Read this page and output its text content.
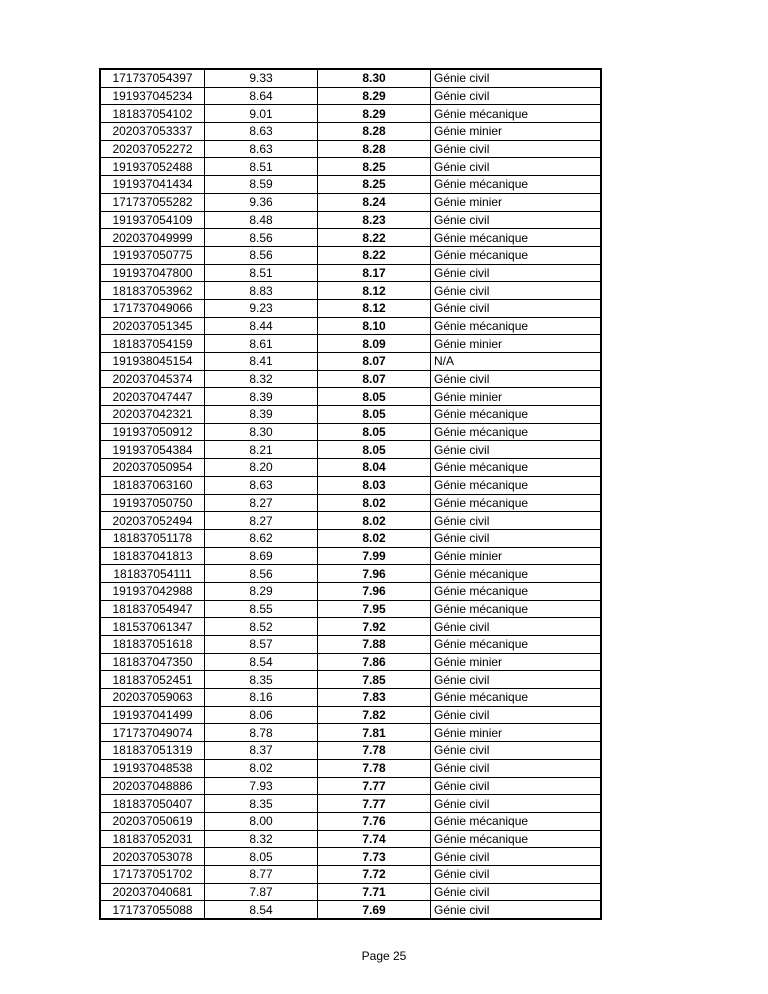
171737054397	9.33	8.30	Génie civil
191937045234	8.64	8.29	Génie civil
181837054102	9.01	8.29	Génie mécanique
202037053337	8.63	8.28	Génie minier
202037052272	8.63	8.28	Génie civil
191937052488	8.51	8.25	Génie civil
191937041434	8.59	8.25	Génie mécanique
171737055282	9.36	8.24	Génie minier
191937054109	8.48	8.23	Génie civil
202037049999	8.56	8.22	Génie mécanique
191937050775	8.56	8.22	Génie mécanique
191937047800	8.51	8.17	Génie civil
181837053962	8.83	8.12	Génie civil
171737049066	9.23	8.12	Génie civil
202037051345	8.44	8.10	Génie mécanique
181837054159	8.61	8.09	Génie minier
191938045154	8.41	8.07	N/A
202037045374	8.32	8.07	Génie civil
202037047447	8.39	8.05	Génie minier
202037042321	8.39	8.05	Génie mécanique
191937050912	8.30	8.05	Génie mécanique
191937054384	8.21	8.05	Génie civil
202037050954	8.20	8.04	Génie mécanique
181837063160	8.63	8.03	Génie mécanique
191937050750	8.27	8.02	Génie mécanique
202037052494	8.27	8.02	Génie civil
181837051178	8.62	8.02	Génie civil
181837041813	8.69	7.99	Génie minier
181837054111	8.56	7.96	Génie mécanique
191937042988	8.29	7.96	Génie mécanique
181837054947	8.55	7.95	Génie mécanique
181537061347	8.52	7.92	Génie civil
181837051618	8.57	7.88	Génie mécanique
181837047350	8.54	7.86	Génie minier
181837052451	8.35	7.85	Génie civil
202037059063	8.16	7.83	Génie mécanique
191937041499	8.06	7.82	Génie civil
171737049074	8.78	7.81	Génie minier
181837051319	8.37	7.78	Génie civil
191937048538	8.02	7.78	Génie civil
202037048886	7.93	7.77	Génie civil
181837050407	8.35	7.77	Génie civil
202037050619	8.00	7.76	Génie mécanique
181837052031	8.32	7.74	Génie mécanique
202037053078	8.05	7.73	Génie civil
171737051702	8.77	7.72	Génie civil
202037040681	7.87	7.71	Génie civil
171737055088	8.54	7.69	Génie civil
Page 25
